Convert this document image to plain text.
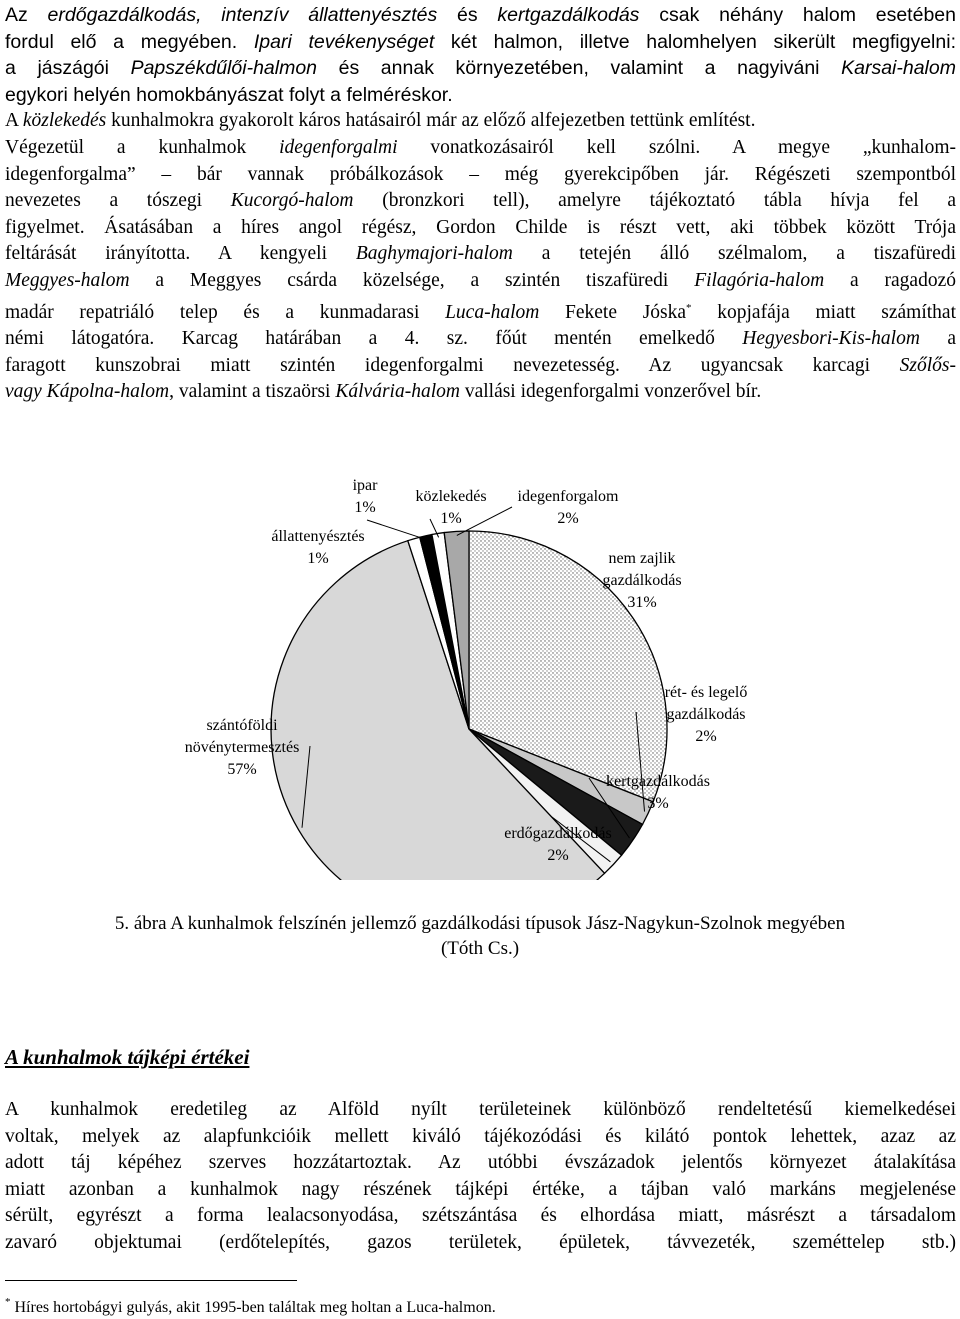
Az erdőgazdálkodás, intenzív állattenyésztés és kertgazdálkodás csak néhány halom esetében
fordul elő a megyében. Ipari tevékenységet két halmon, illetve halomhelyen sikerült megfigyelni:
a jászágói Papszékdűlői-halmon és annak környezetében, valamint a nagyiváni Karsai-halom
egykori helyén homokbányászat folyt a felméréskor.
A közlekedés kunhalmokra gyakorolt káros hatásairól már az előző alfejezetben tettünk említést.
Végezetül a kunhalmok idegenforgalmi vonatkozásairól kell szólni. A megye „kunhalom-
idegenforgalma” – bár vannak próbálkozások – még gyerekcipőben jár. Régészeti szempontból
nevezetes a tószegi Kucorgó-halom (bronzkori tell), amelyre tájékoztató tábla hívja fel a
figyelmet. Ásatásában a híres angol régész, Gordon Childe is részt vett, aki többek között Trója
feltárását irányította. A kengyeli Baghymajori-halom a tetején álló szélmalom, a tiszafüredi
Meggyes-halom a Meggyes csárda közelsége, a szintén tiszafüredi Filagória-halom a ragadozó
madár repatriáló telep és a kunmadarasi Luca-halom Fekete Jóska* kopjafája miatt számíthat
némi látogatóra. Karcag határában a 4. sz. főút mentén emelkedő Hegyesbori-Kis-halom a
faragott kunszobrai miatt szintén idegenforgalmi nevezetesség. Az ugyancsak karcagi Szőlős-
vagy Kápolna-halom, valamint a tiszaörsi Kálvária-halom vallási idegenforgalmi vonzerővel bír.
nem zajlik
gazdálkodás
31%
rét- és legelő
gazdálkodás
2%
kertgazdálkodás
3%
erdőgazdálkodás
2%
szántóföldi
növénytermesztés
57%
állattenyésztés
1%
ipar
1%
közlekedés
1%
idegenforgalom
2%
5. ábra A kunhalmok felszínén jellemző gazdálkodási típusok Jász-Nagykun-Szolnok megyében
(Tóth Cs.)
A kunhalmok tájképi értékei
A kunhalmok eredetileg az Alföld nyílt területeinek különböző rendeltetésű kiemelkedései
voltak, melyek az alapfunkcióik mellett kiváló tájékozódási és kilátó pontok lehettek, azaz az
adott táj képéhez szerves hozzátartoztak. Az utóbbi évszázadok jelentős környezet átalakítása
miatt azonban a kunhalmok nagy részének tájképi értéke, a tájban való markáns megjelenése
sérült, egyrészt a forma lealacsonyodása, szétszántása és elhordása miatt, másrészt a társadalom
zavaró objektumai (erdőtelepítés, gazos területek, épületek, távvezeték, szeméttelep stb.)
* Híres hortobágyi gulyás, akit 1995-ben találtak meg holtan a Luca-halmon.
